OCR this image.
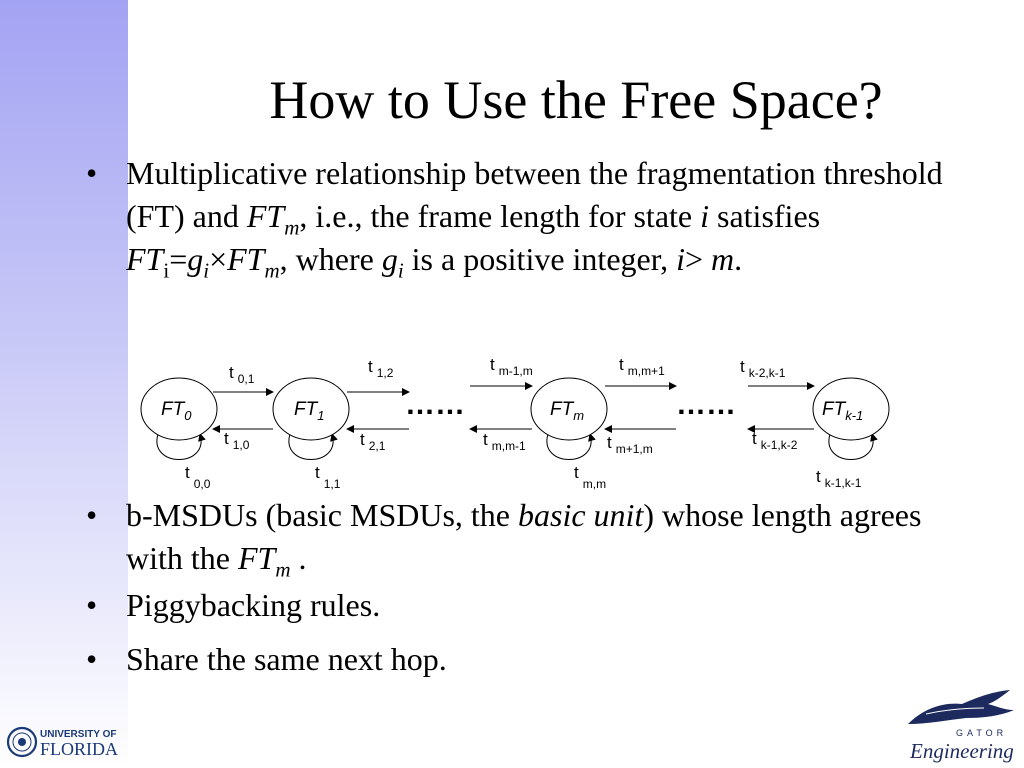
How to Use the Free Space?
• Multiplicative relationship between the fragmentation threshold (FT) and $FT_m$, i.e., the frame length for state i satisfies $FT_i=g_i\times FT_m$, where $g_i$ is a positive integer, i> m.
• b-MSDUs (basic MSDUs, the basic unit) whose length agrees with the $FT_m$ .
• Piggybacking rules.
• Share the same next hop.
$FT_0$	$FT_1$	$FT_m$	$FT_{k-1}$
……	……
t $_{0,1}$
t $_{1,2}$	t $_{m-1,m}$	t $_{m,m+1}$	t $_{k-2,k-1}$
t $_{1,0}$	t $_{2,1}$	t $_{m,m-1}$	t $_{m+1,m}$
t $_{k-1,k-2}$
$t_{0,0}$
$t_{1,1}$
$t_{m,m}$	t $_{k-1,k-1}$
UNIVERSITY OF
FLORIDA
GATOR
Engineering
